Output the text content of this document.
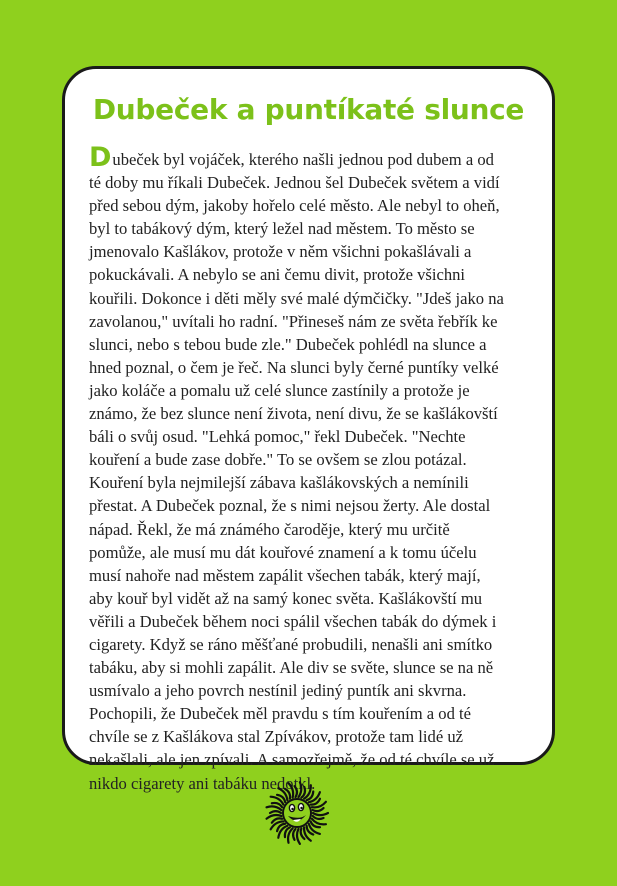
Dubeček a puntíkaté slunce
Dubeček byl vojáček, kterého našli jednou pod dubem a od
té doby mu říkali Dubeček. Jednou šel Dubeček světem a vidí
před sebou dým, jakoby hořelo celé město. Ale nebyl to oheň,
byl to tabákový dým, který ležel nad městem. To město se
jmenovalo Kašlákov, protože v něm všichni pokašlávali a
pokuckávali. A nebylo se ani čemu divit, protože všichni
kouřili. Dokonce i děti měly své malé dýmčičky. "Jdeš jako na
zavolanou," uvítali ho radní. "Přineseš nám ze světa řebřík ke
slunci, nebo s tebou bude zle." Dubeček pohlédl na slunce a
hned poznal, o čem je řeč. Na slunci byly černé puntíky velké
jako koláče a pomalu už celé slunce zastínily a protože je
známo, že bez slunce není života, není divu, že se kašlákovští
báli o svůj osud. "Lehká pomoc," řekl Dubeček. "Nechte
kouření a bude zase dobře." To se ovšem se zlou potázal.
Kouření byla nejmilejší zábava kašlákovských a nemínili
přestat. A Dubeček poznal, že s nimi nejsou žerty. Ale dostal
nápad. Řekl, že má známého čaroděje, který mu určitě
pomůže, ale musí mu dát kouřové znamení a k tomu účelu
musí nahoře nad městem zapálit všechen tabák, který mají,
aby kouř byl vidět až na samý konec světa. Kašlákovští mu
věřili a Dubeček během noci spálil všechen tabák do dýmek i
cigarety. Když se ráno měšťané probudili, nenašli ani smítko
tabáku, aby si mohli zapálit. Ale div se světe, slunce se na ně
usmívalo a jeho povrch nestínil jediný puntík ani skvrna.
Pochopili, že Dubeček měl pravdu s tím kouřením a od té
chvíle se z Kašlákova stal Zpívákov, protože tam lidé už
nekašlali, ale jen zpívali. A samozřejmě, že od té chvíle se už
nikdo cigarety ani tabáku nedotkl.
